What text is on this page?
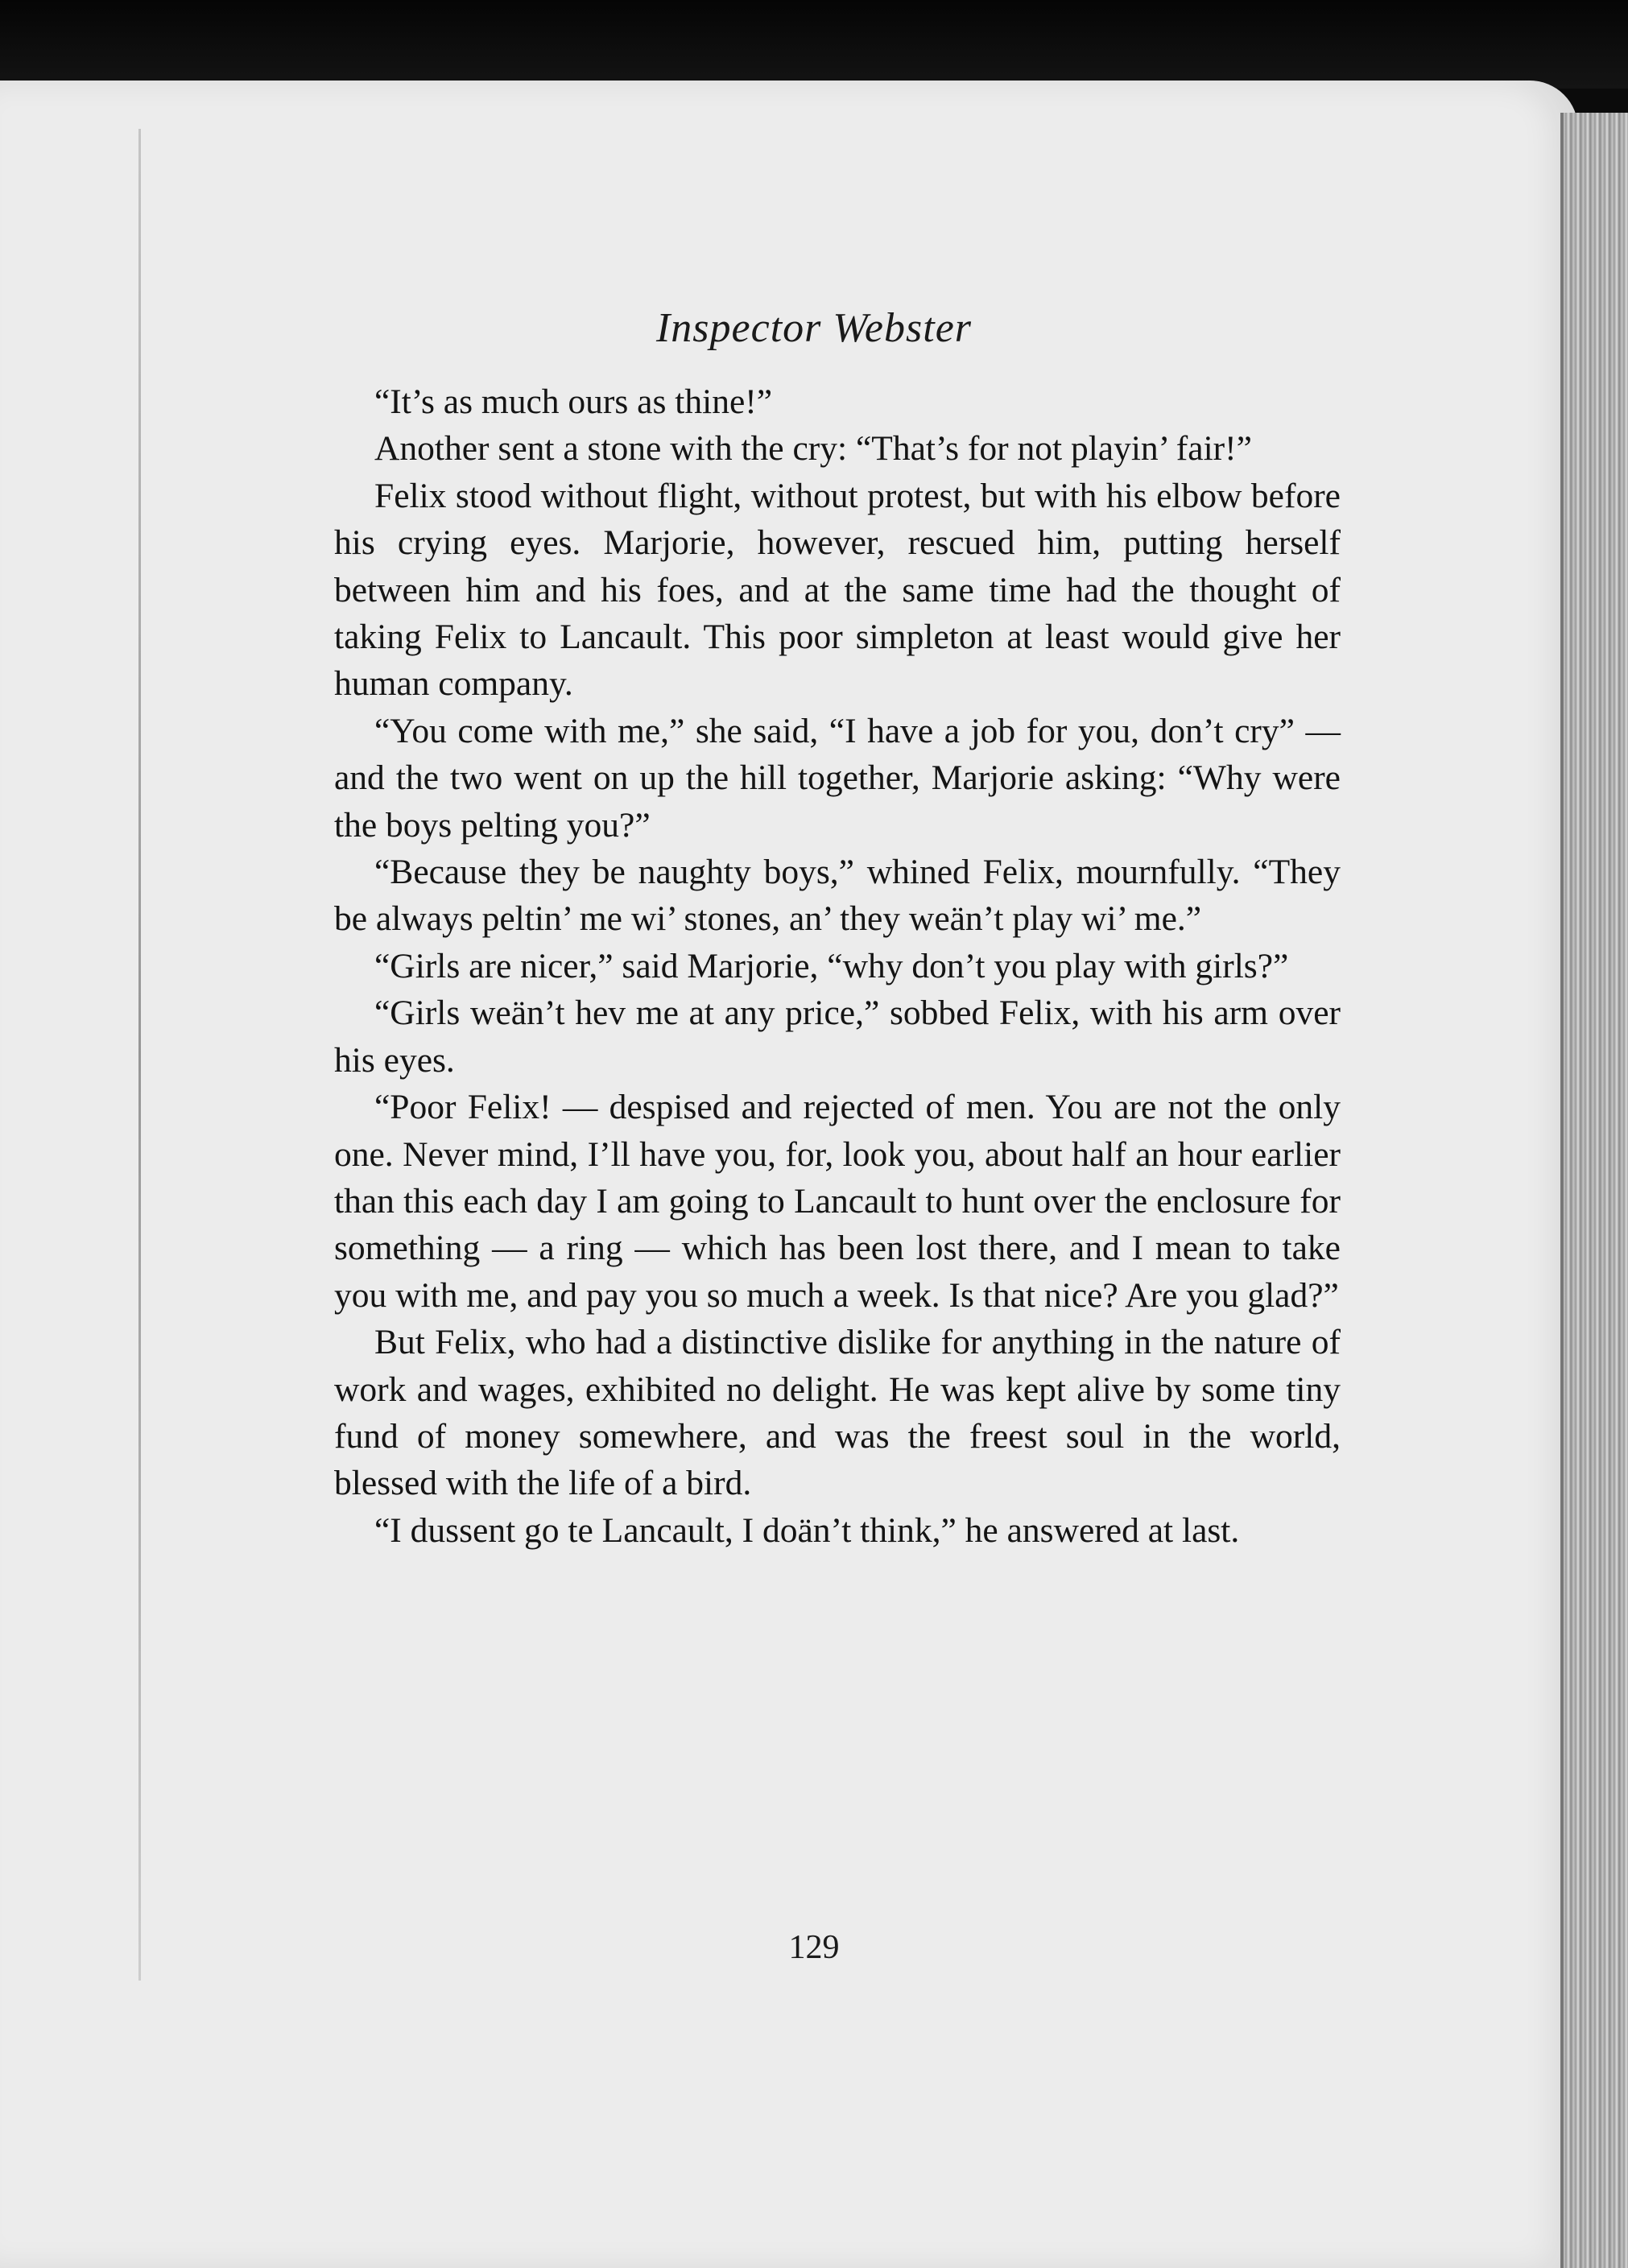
Inspector Webster

“It’s as much ours as thine!”

Another sent a stone with the cry: “That’s for not playin’ fair!”

Felix stood without flight, without protest, but with his elbow before his crying eyes. Marjorie, however, rescued him, putting herself between him and his foes, and at the same time had the thought of taking Felix to Lancault. This poor simpleton at least would give her human company.

“You come with me,” she said, “I have a job for you, don’t cry” — and the two went on up the hill together, Marjorie asking: “Why were the boys pelting you?”

“Because they be naughty boys,” whined Felix, mournfully. “They be always peltin’ me wi’ stones, an’ they weän’t play wi’ me.”

“Girls are nicer,” said Marjorie, “why don’t you play with girls?”

“Girls weän’t hev me at any price,” sobbed Felix, with his arm over his eyes.

“Poor Felix! — despised and rejected of men. You are not the only one. Never mind, I’ll have you, for, look you, about half an hour earlier than this each day I am going to Lancault to hunt over the enclosure for something — a ring — which has been lost there, and I mean to take you with me, and pay you so much a week. Is that nice? Are you glad?”

But Felix, who had a distinctive dislike for anything in the nature of work and wages, exhibited no delight. He was kept alive by some tiny fund of money somewhere, and was the freest soul in the world, blessed with the life of a bird.

“I dussent go te Lancault, I doän’t think,” he answered at last.

129
